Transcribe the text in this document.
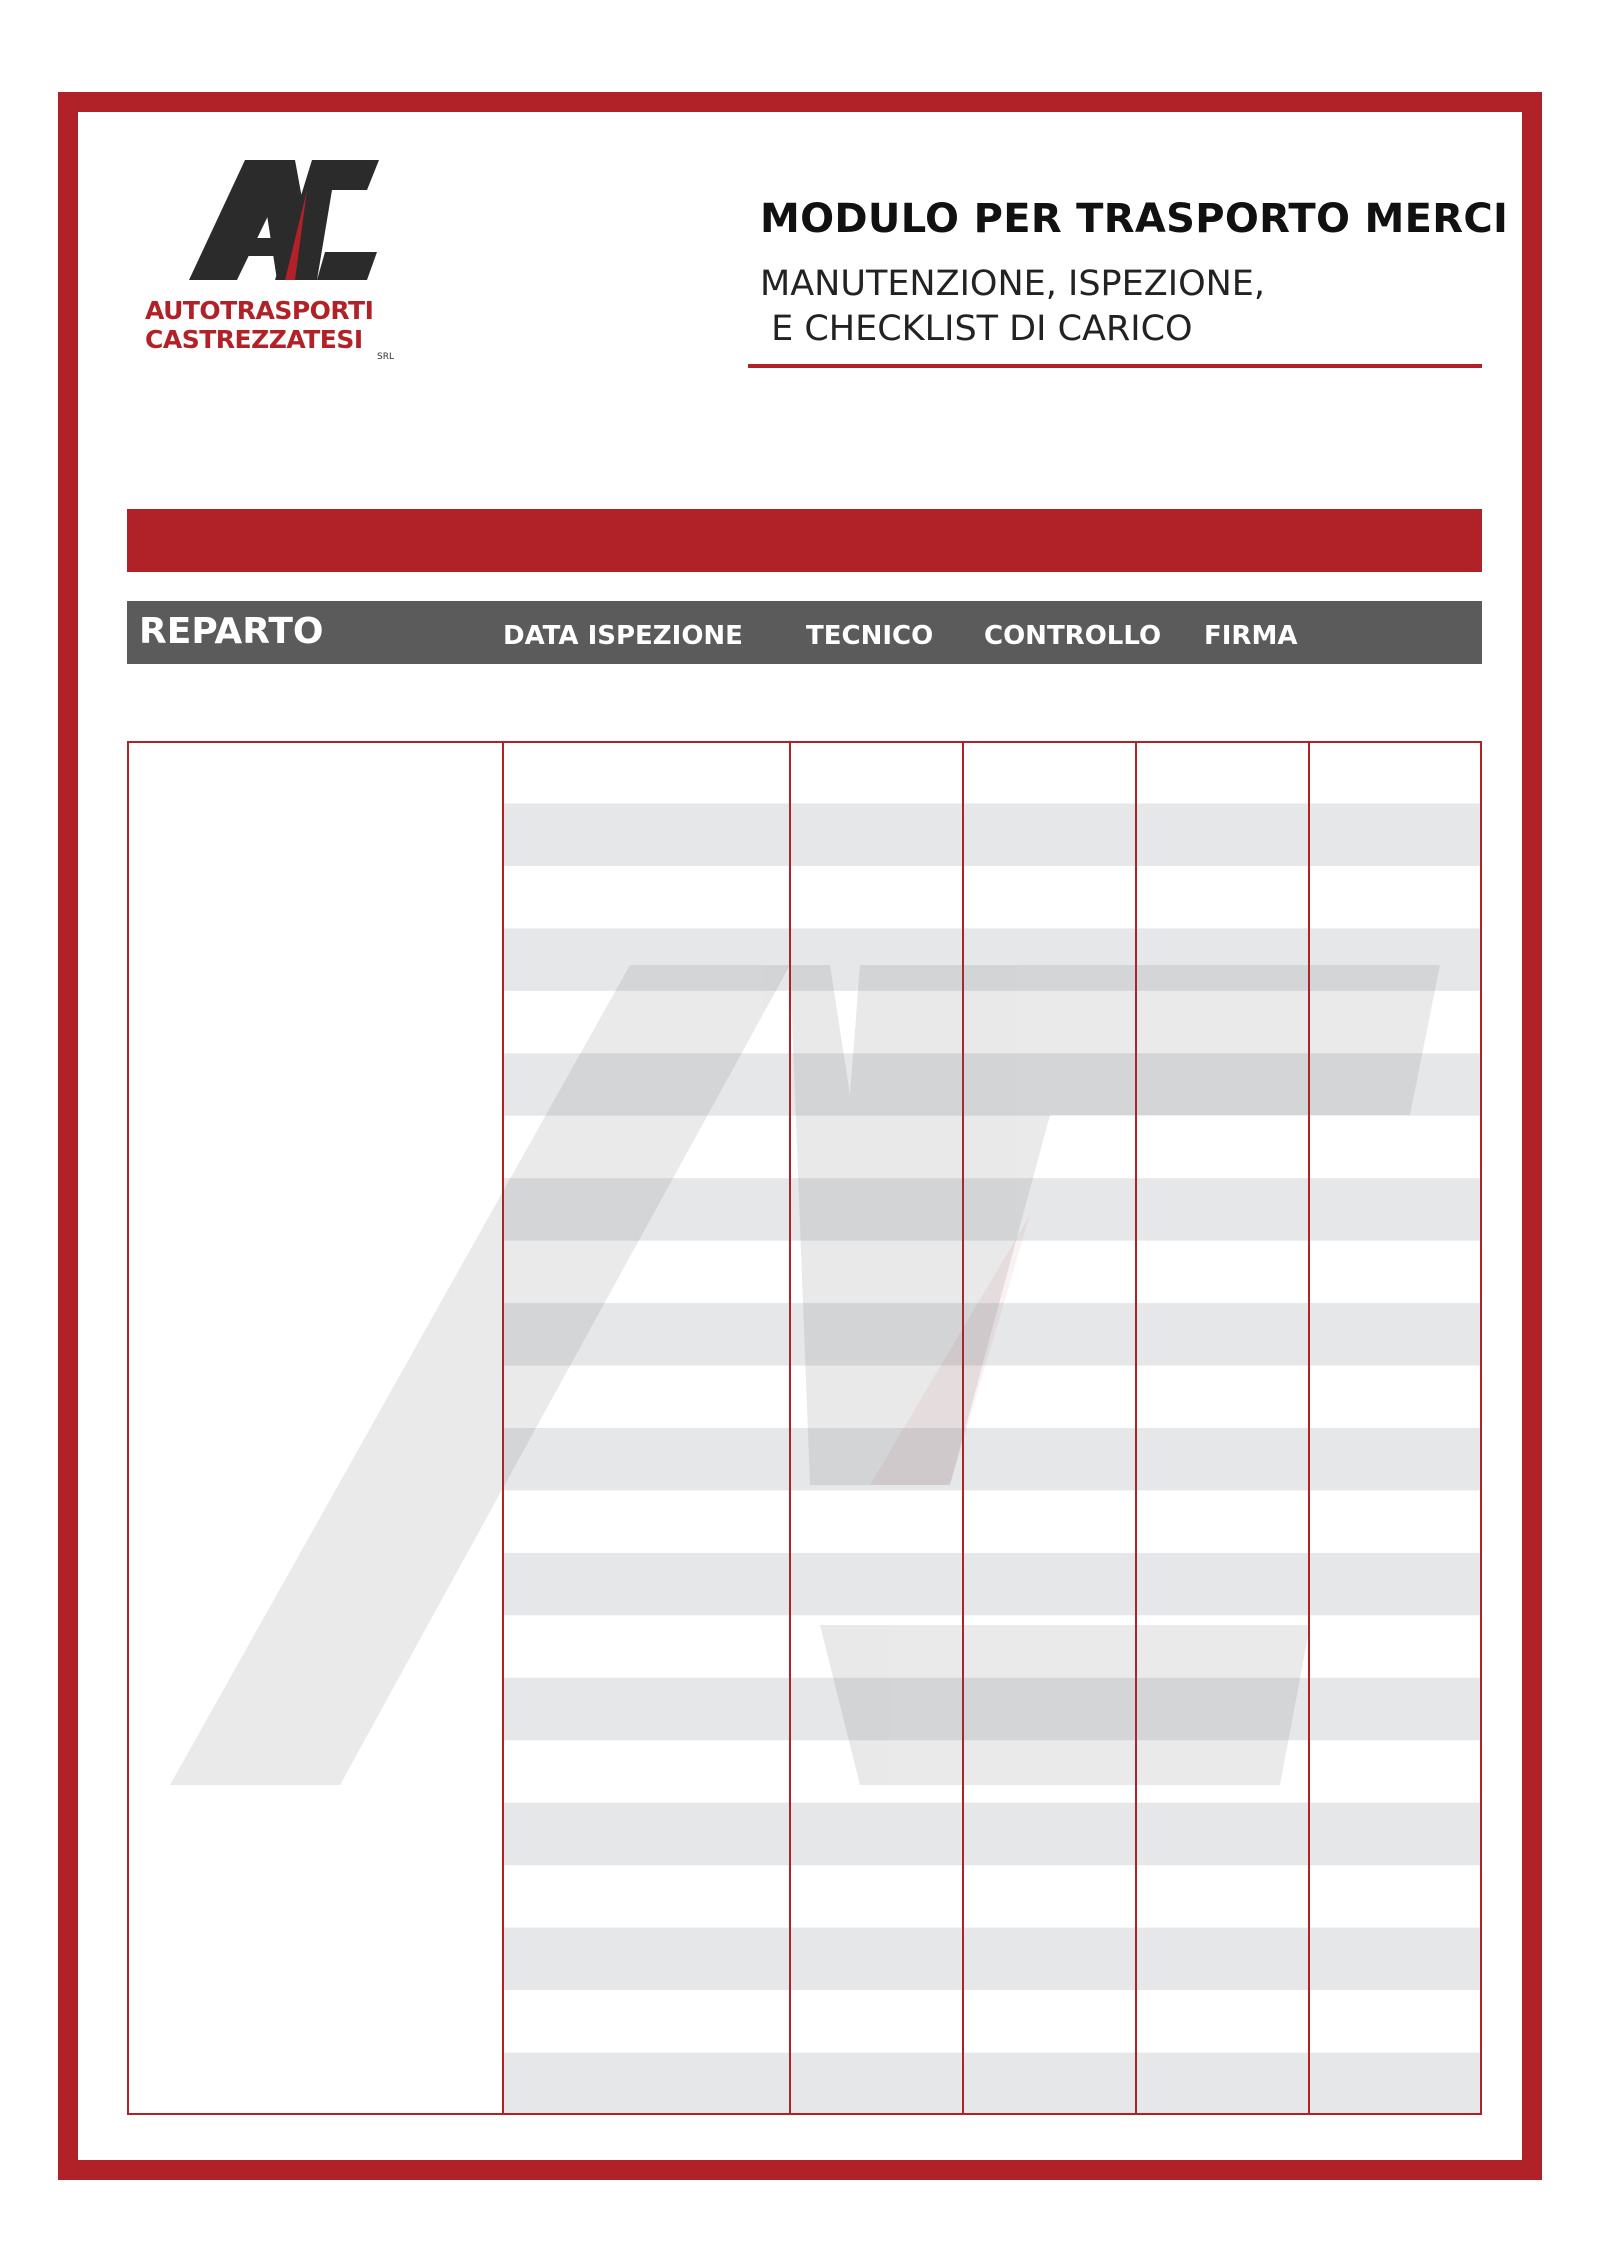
AUTOTRASPORTI
CASTREZZATESI
SRL
MODULO PER TRASPORTO MERCI
MANUTENZIONE, ISPEZIONE,
E CHECKLIST DI CARICO
REPARTO	DATA ISPEZIONE TECNICO CONTROLLO FIRMA
